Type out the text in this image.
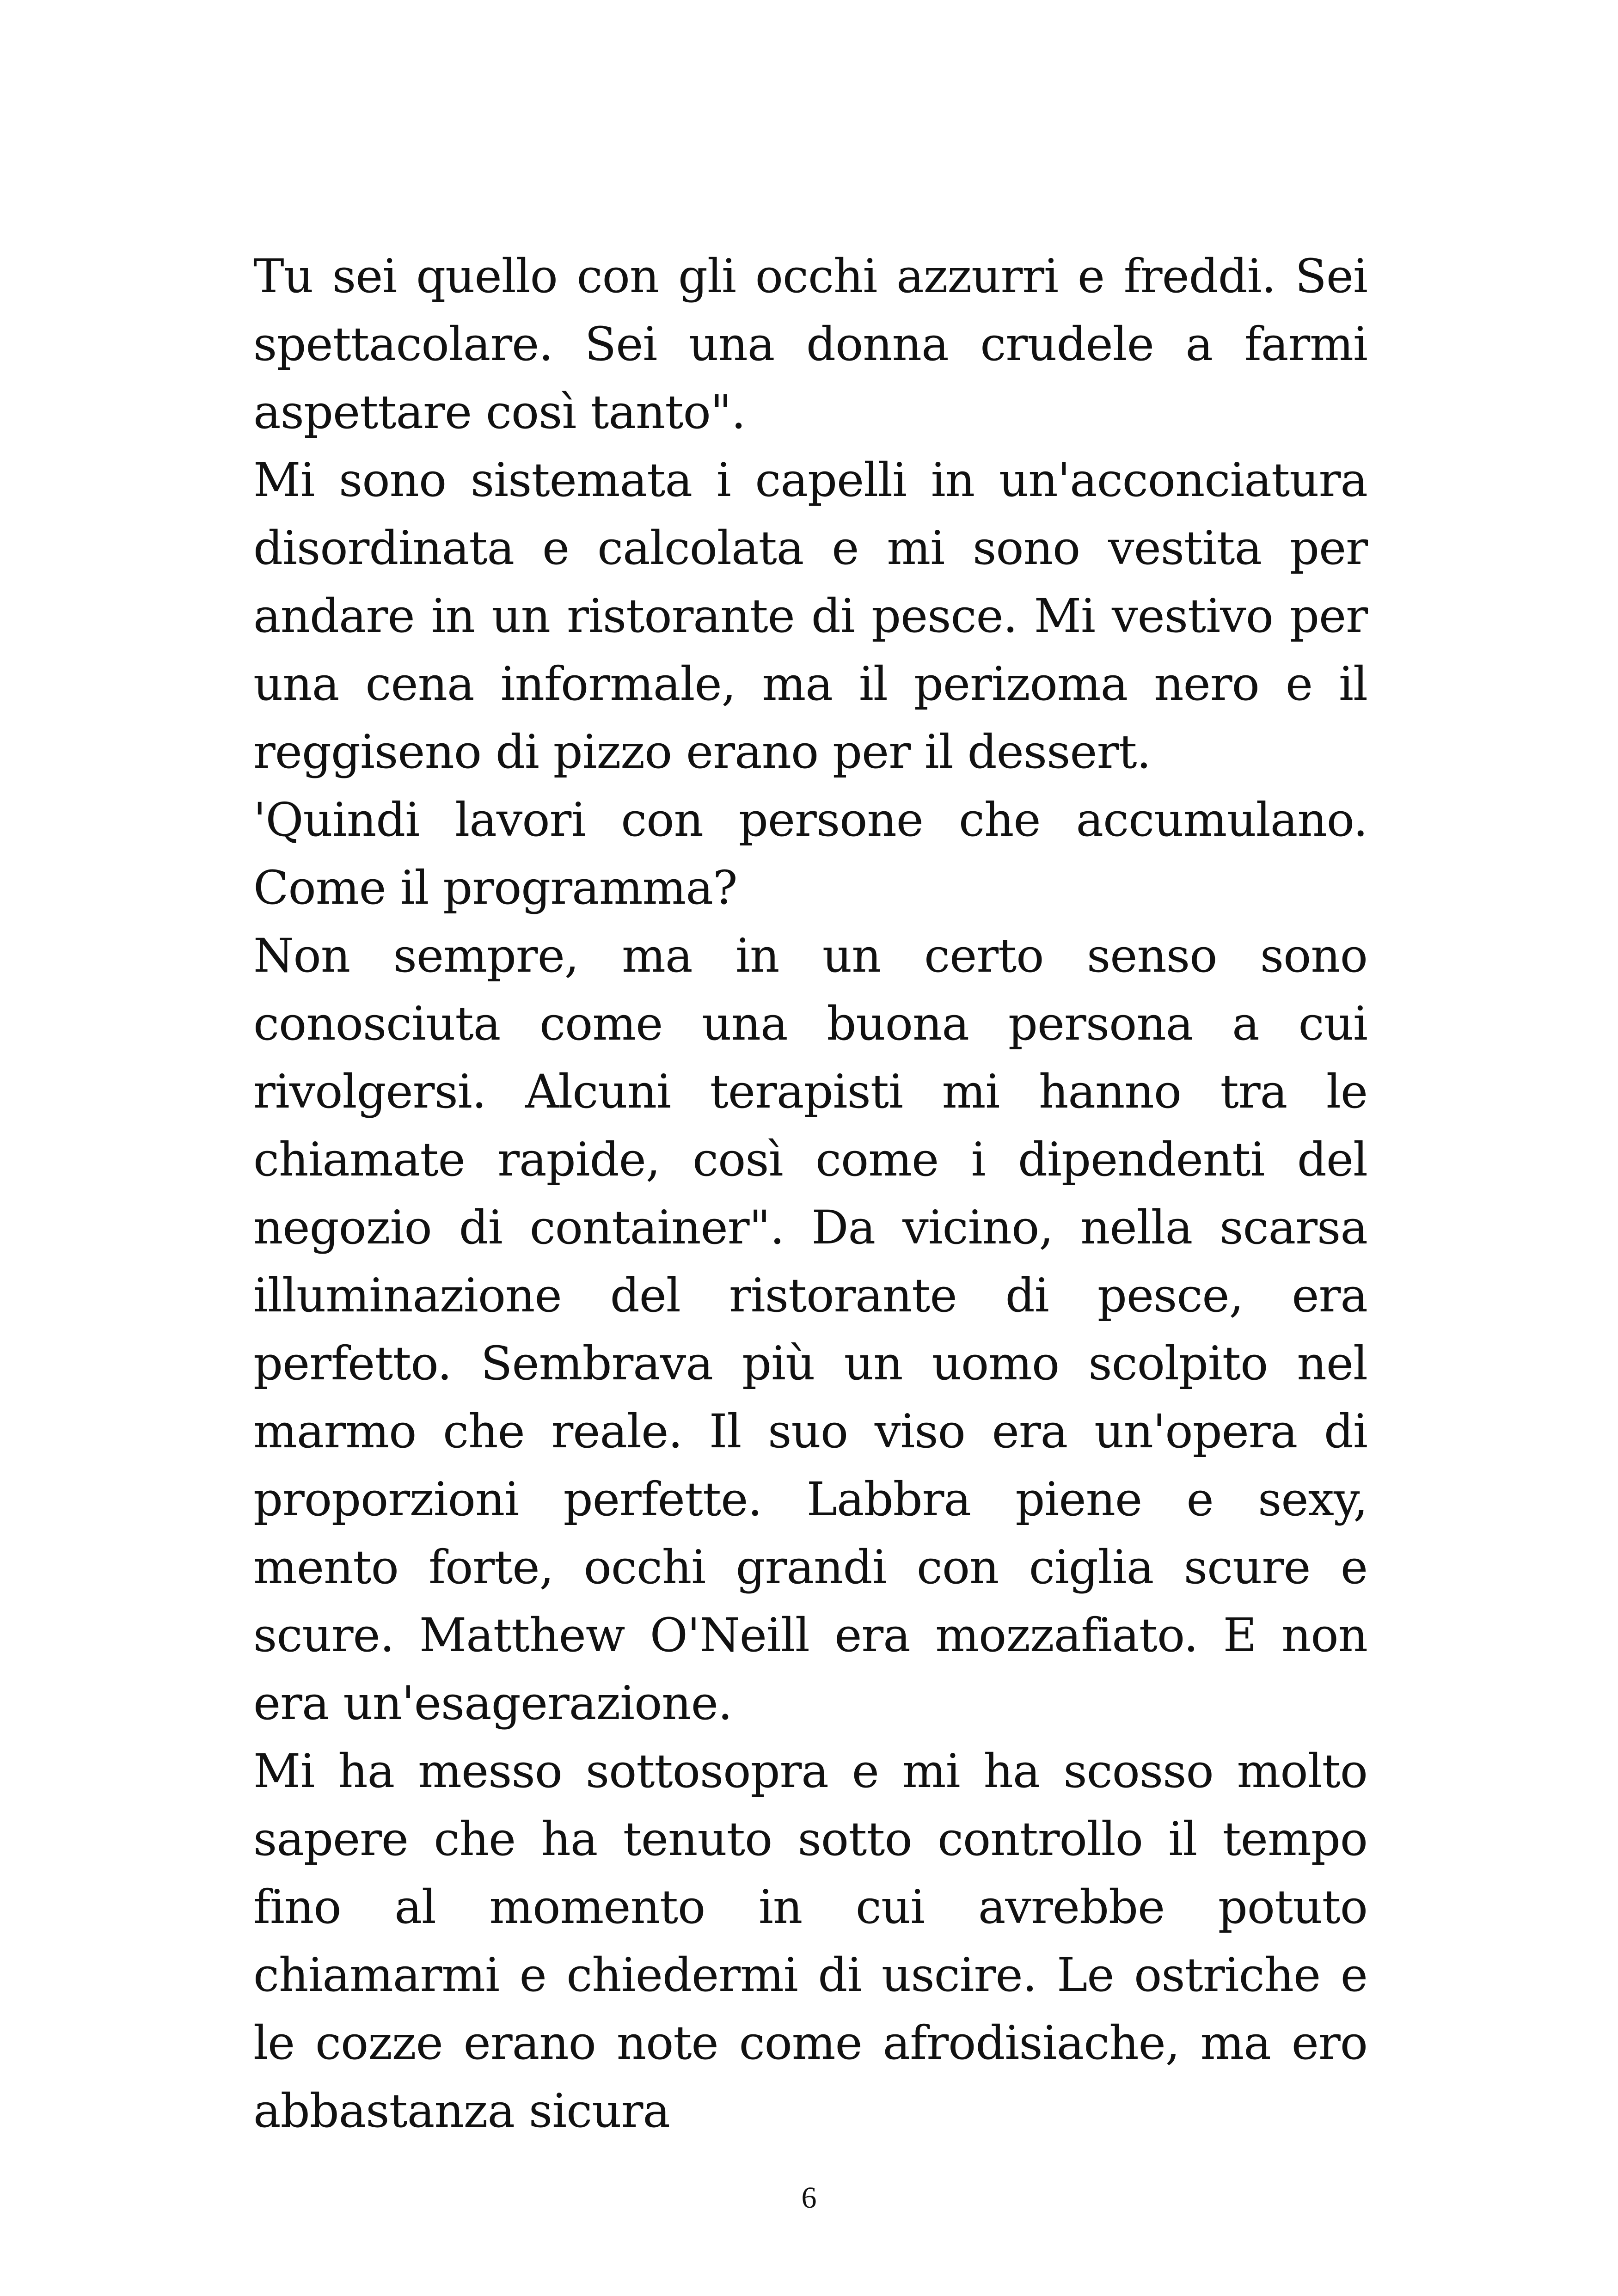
Tu sei quello con gli occhi azzurri e freddi. Sei spettacolare. Sei una donna crudele a farmi aspettare così tanto".

Mi sono sistemata i capelli in un'acconciatura disordinata e calcolata e mi sono vestita per andare in un ristorante di pesce. Mi vestivo per una cena informale, ma il perizoma nero e il reggiseno di pizzo erano per il dessert.

'Quindi lavori con persone che accumulano. Come il programma?

Non sempre, ma in un certo senso sono conosciuta come una buona persona a cui rivolgersi. Alcuni terapisti mi hanno tra le chiamate rapide, così come i dipendenti del negozio di container". Da vicino, nella scarsa illuminazione del ristorante di pesce, era perfetto. Sembrava più un uomo scolpito nel marmo che reale. Il suo viso era un'opera di proporzioni perfette. Labbra piene e sexy, mento forte, occhi grandi con ciglia scure e scure. Matthew O'Neill era mozzafiato. E non era un'esagerazione.

Mi ha messo sottosopra e mi ha scosso molto sapere che ha tenuto sotto controllo il tempo fino al momento in cui avrebbe potuto chiamarmi e chiedermi di uscire. Le ostriche e le cozze erano note come afrodisiache, ma ero abbastanza sicura

6
